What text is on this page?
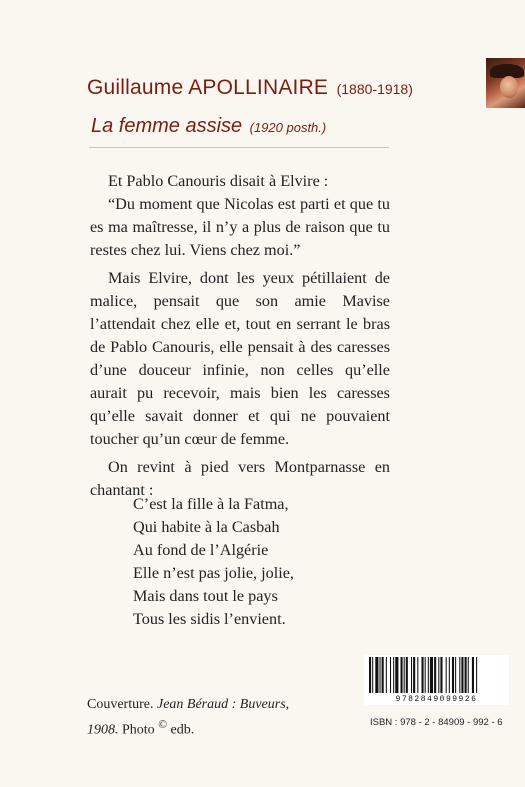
Guillaume APOLLINAIRE (1880-1918)
La femme assise (1920 posth.)

Et Pablo Canouris disait à Elvire :

“Du moment que Nicolas est parti et que tu es ma maîtresse, il n’y a plus de raison que tu restes chez lui. Viens chez moi.”

Mais Elvire, dont les yeux pétillaient de malice, pensait que son amie Mavise l’attendait chez elle et, tout en serrant le bras de Pablo Canouris, elle pensait à des caresses d’une douceur infinie, non celles qu’elle aurait pu recevoir, mais bien les caresses qu’elle savait donner et qui ne pouvaient toucher qu’un cœur de femme.

On revint à pied vers Montparnasse en chantant :

C’est la fille à la Fatma,
Qui habite à la Casbah
Au fond de l’Algérie
Elle n’est pas jolie, jolie,
Mais dans tout le pays
Tous les sidis l’envient.
Couverture. Jean Béraud : Buveurs,
1908. Photo © edb.
9782849099926
ISBN : 978 - 2 - 84909 - 992 - 6
